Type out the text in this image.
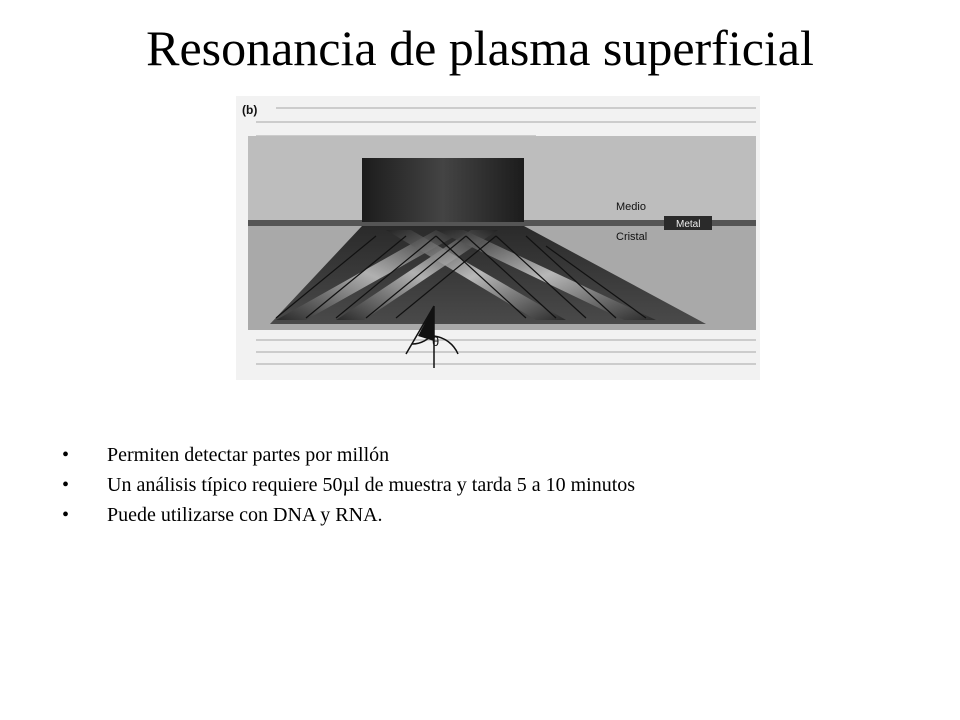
Resonancia de plasma superficial
θ
(b)
Medio
Metal
Cristal
• Permiten detectar partes por millón
• Un análisis típico requiere 50µl de muestra y tarda 5 a 10 minutos
• Puede utilizarse con DNA y RNA.
